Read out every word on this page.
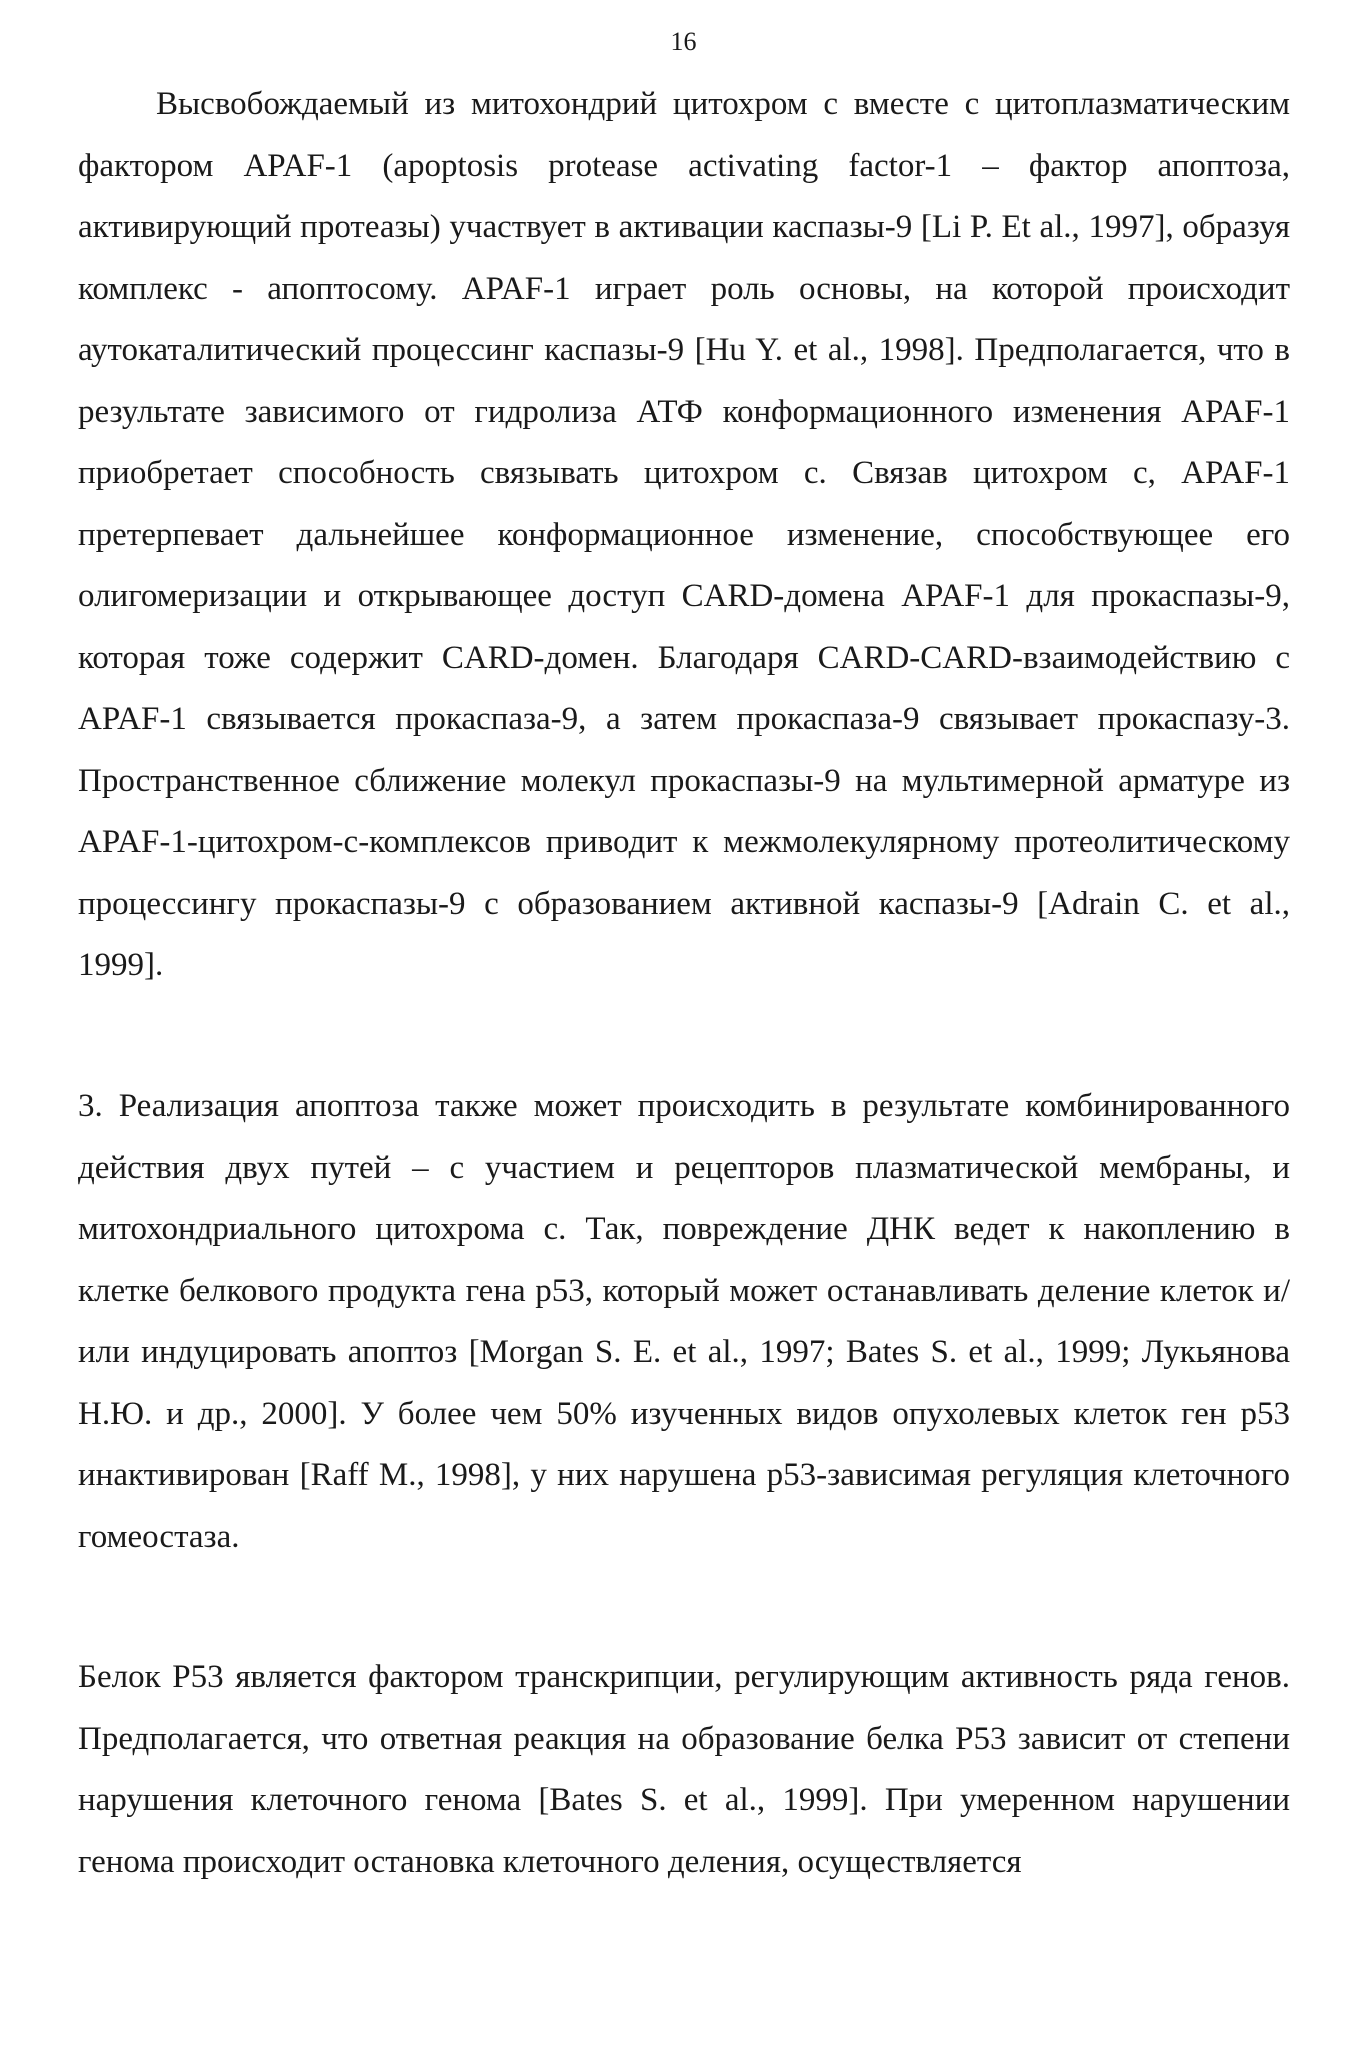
16

Высвобождаемый из митохондрий цитохром с вместе с цитоплазматическим фактором APAF-1 (apoptosis protease activating factor-1 – фактор апоптоза, активирующий протеазы) участвует в активации каспазы-9 [Li P. Et al., 1997], образуя комплекс - апоптосому. APAF-1 играет роль основы, на которой происходит аутокаталитический процессинг каспазы-9 [Hu Y. et al., 1998]. Предполагается, что в результате зависимого от гидролиза АТФ конформационного изменения APAF-1 приобретает способность связывать цитохром с. Связав цитохром с, APAF-1 претерпевает дальнейшее конформационное изменение, способствующее его олигомеризации и открывающее доступ CARD-домена APAF-1 для прокаспазы-9, которая тоже содержит CARD-домен. Благодаря CARD-CARD-взаимодействию с APAF-1 связывается прокаспаза-9, а затем прокаспаза-9 связывает прокаспазу-3. Пространственное сближение молекул прокаспазы-9 на мультимерной арматуре из APAF-1-цитохром-с-комплексов приводит к межмолекулярному протеолитическому процессингу прокаспазы-9 с образованием активной каспазы-9 [Adrain C. et al., 1999].

3. Реализация апоптоза также может происходить в результате комбинированного действия двух путей – с участием и рецепторов плазматической мембраны, и митохондриального цитохрома с. Так, повреждение ДНК ведет к накоплению в клетке белкового продукта гена р53, который может останавливать деление клеток и/или индуцировать апоптоз [Morgan S. E. et al., 1997; Bates S. et al., 1999; Лукьянова Н.Ю. и др., 2000]. У более чем 50% изученных видов опухолевых клеток ген р53 инактивирован [Raff M., 1998], у них нарушена р53-зависимая регуляция клеточного гомеостаза.

Белок Р53 является фактором транскрипции, регулирующим активность ряда генов. Предполагается, что ответная реакция на образование белка Р53 зависит от степени нарушения клеточного генома [Bates S. et al., 1999]. При умеренном нарушении генома происходит остановка клеточного деления, осуществляется
